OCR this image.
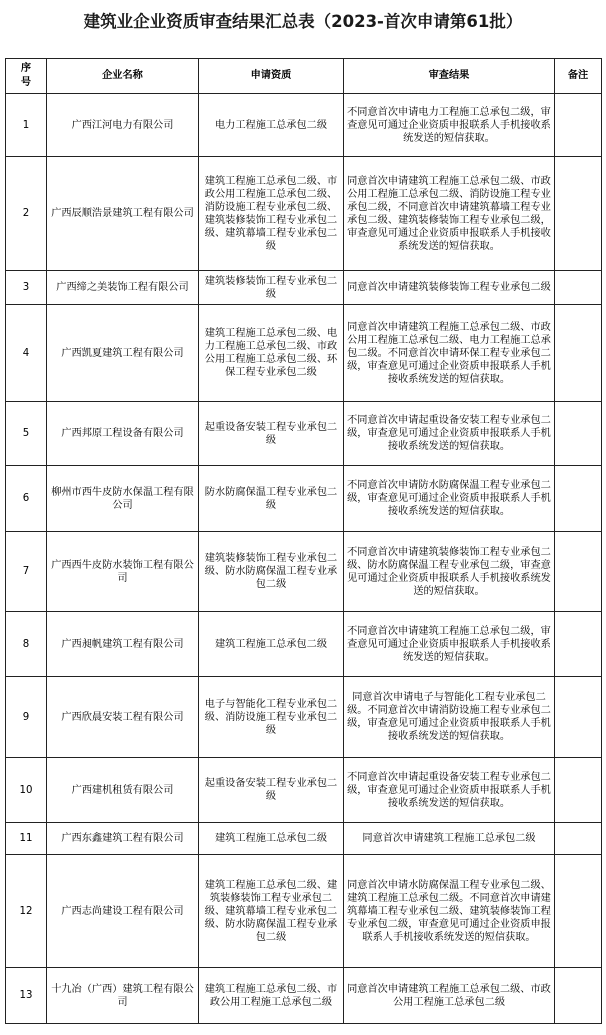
建筑业企业资质审查结果汇总表（2023-首次申请第61批）
序号	企业名称	申请资质	审查结果	备注
1	广西江河电力有限公司	电力工程施工总承包二级	不同意首次申请电力工程施工总承包二级，审查意见可通过企业资质申报联系人手机接收系统发送的短信获取。	
2	广西辰顺浩景建筑工程有限公司	建筑工程施工总承包二级、市政公用工程施工总承包二级、消防设施工程专业承包二级、建筑装修装饰工程专业承包二级、建筑幕墙工程专业承包二级	同意首次申请建筑工程施工总承包二级、市政公用工程施工总承包二级、消防设施工程专业承包二级，不同意首次申请建筑幕墙工程专业承包二级、建筑装修装饰工程专业承包二级，审查意见可通过企业资质申报联系人手机接收系统发送的短信获取。	
3	广西缔之美装饰工程有限公司	建筑装修装饰工程专业承包二级	同意首次申请建筑装修装饰工程专业承包二级	
4	广西凯夏建筑工程有限公司	建筑工程施工总承包二级、电力工程施工总承包二级、市政公用工程施工总承包二级、环保工程专业承包二级	同意首次申请建筑工程施工总承包二级、市政公用工程施工总承包二级、电力工程施工总承包二级。不同意首次申请环保工程专业承包二级，审查意见可通过企业资质申报联系人手机接收系统发送的短信获取。	
5	广西邦原工程设备有限公司	起重设备安装工程专业承包二级	不同意首次申请起重设备安装工程专业承包二级，审查意见可通过企业资质申报联系人手机接收系统发送的短信获取。	
6	柳州市西牛皮防水保温工程有限公司	防水防腐保温工程专业承包二级	不同意首次申请防水防腐保温工程专业承包二级，审查意见可通过企业资质申报联系人手机接收系统发送的短信获取。	
7	广西西牛皮防水装饰工程有限公司	建筑装修装饰工程专业承包二级、防水防腐保温工程专业承包二级	不同意首次申请建筑装修装饰工程专业承包二级、防水防腐保温工程专业承包二级，审查意见可通过企业资质申报联系人手机接收系统发送的短信获取。	
8	广西昶帆建筑工程有限公司	建筑工程施工总承包二级	不同意首次申请建筑工程施工总承包二级，审查意见可通过企业资质申报联系人手机接收系统发送的短信获取。	
9	广西欣晨安装工程有限公司	电子与智能化工程专业承包二级、消防设施工程专业承包二级	同意首次申请电子与智能化工程专业承包二级。不同意首次申请消防设施工程专业承包二级，审查意见可通过企业资质申报联系人手机接收系统发送的短信获取。	
10	广西建机租赁有限公司	起重设备安装工程专业承包二级	不同意首次申请起重设备安装工程专业承包二级，审查意见可通过企业资质申报联系人手机接收系统发送的短信获取。	
11	广西东鑫建筑工程有限公司	建筑工程施工总承包二级	同意首次申请建筑工程施工总承包二级	
12	广西志尚建设工程有限公司	建筑工程施工总承包二级、建筑装修装饰工程专业承包二级、建筑幕墙工程专业承包二级、防水防腐保温工程专业承包二级	同意首次申请水防腐保温工程专业承包二级、建筑工程施工总承包二级。不同意首次申请建筑幕墙工程专业承包二级、建筑装修装饰工程专业承包二级，审查意见可通过企业资质申报联系人手机接收系统发送的短信获取。	
13	十九冶（广西）建筑工程有限公司	建筑工程施工总承包二级、市政公用工程施工总承包二级	同意首次申请建筑工程施工总承包二级、市政公用工程施工总承包二级	
